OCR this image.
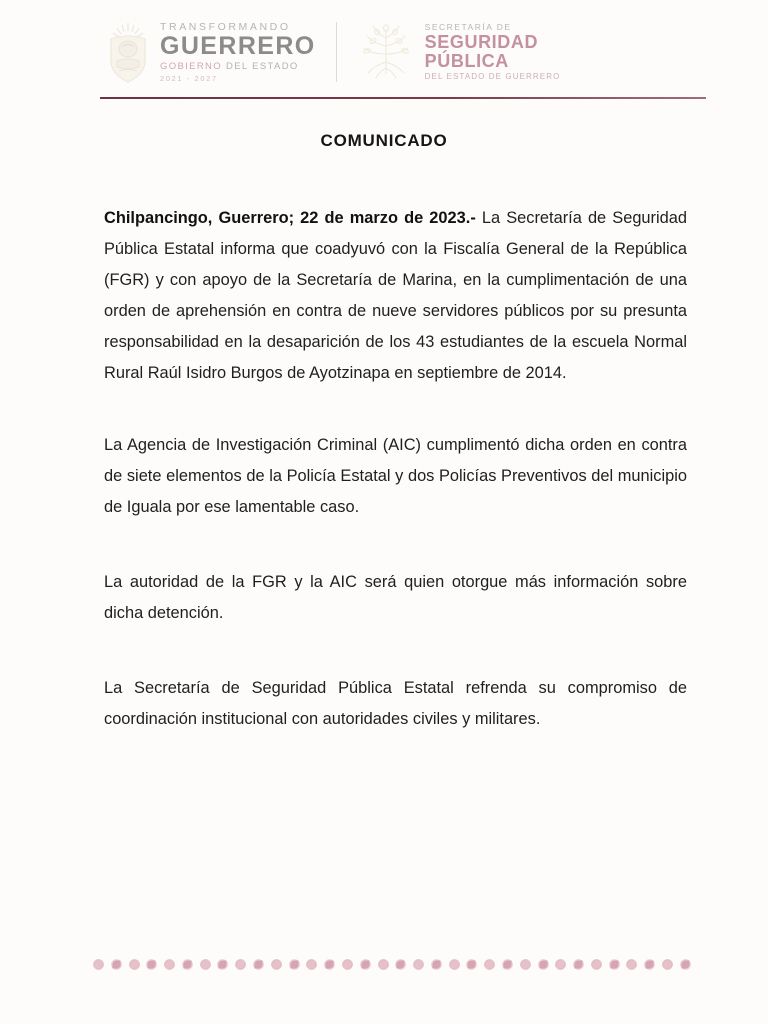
TRANSFORMANDO
GUERRERO
GOBIERNO DEL ESTADO
2021 - 2027
SECRETARÍA DE
SEGURIDAD
PÚBLICA
DEL ESTADO DE GUERRERO
COMUNICADO

Chilpancingo, Guerrero; 22 de marzo de 2023.- La Secretaría de Seguridad Pública Estatal informa que coadyuvó con la Fiscalía General de la República (FGR) y con apoyo de la Secretaría de Marina, en la cumplimentación de una orden de aprehensión en contra de nueve servidores públicos por su presunta responsabilidad en la desaparición de los 43 estudiantes de la escuela Normal Rural Raúl Isidro Burgos de Ayotzinapa en septiembre de 2014.

La Agencia de Investigación Criminal (AIC) cumplimentó dicha orden en contra de siete elementos de la Policía Estatal y dos Policías Preventivos del municipio de Iguala por ese lamentable caso.

La autoridad de la FGR y la AIC será quien otorgue más información sobre dicha detención.

La Secretaría de Seguridad Pública Estatal refrenda su compromiso de coordinación institucional con autoridades civiles y militares.
